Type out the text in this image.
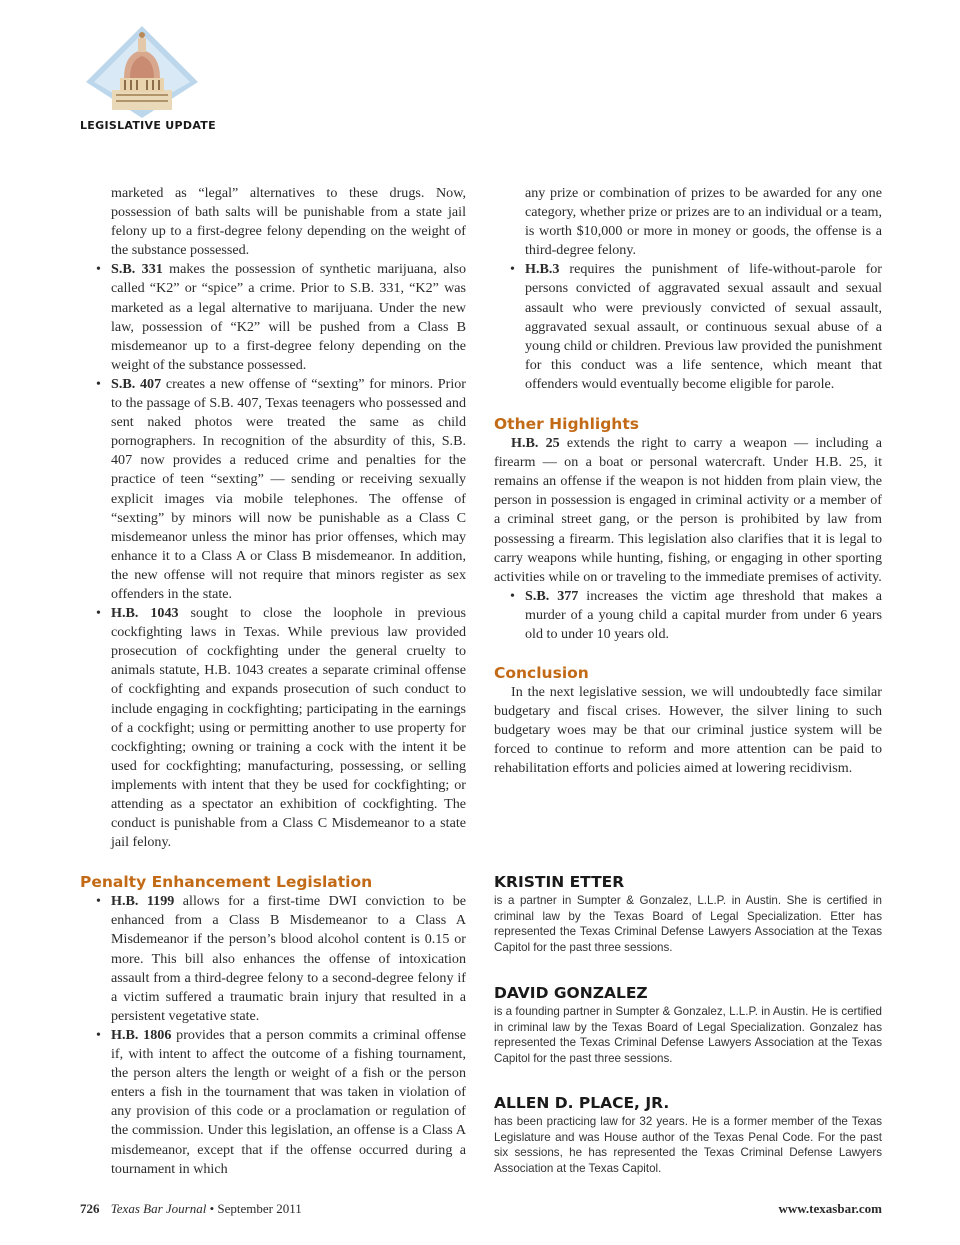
LEGISLATIVE UPDATE

marketed as “legal” alternatives to these drugs. Now, possession of bath salts will be punishable from a state jail felony up to a first-degree felony depending on the weight of the substance possessed.

• S.B. 331 makes the possession of synthetic marijuana, also called “K2” or “spice” a crime. Prior to S.B. 331, “K2” was marketed as a legal alternative to marijuana. Under the new law, possession of “K2” will be pushed from a Class B misdemeanor up to a first-degree felony depending on the weight of the substance possessed.

• S.B. 407 creates a new offense of “sexting” for minors. Prior to the passage of S.B. 407, Texas teenagers who possessed and sent naked photos were treated the same as child pornographers. In recognition of the absurdity of this, S.B. 407 now provides a reduced crime and penalties for the practice of teen “sexting” — sending or receiving sexually explicit images via mobile telephones. The offense of “sexting” by minors will now be punishable as a Class C misdemeanor unless the minor has prior offenses, which may enhance it to a Class A or Class B misdemeanor. In addition, the new offense will not require that minors register as sex offenders in the state.

• H.B. 1043 sought to close the loophole in previous cockfighting laws in Texas. While previous law provided prosecution of cockfighting under the general cruelty to animals statute, H.B. 1043 creates a separate criminal offense of cockfighting and expands prosecution of such conduct to include engaging in cockfighting; participating in the earnings of a cockfight; using or permitting another to use property for cockfighting; owning or training a cock with the intent it be used for cockfighting; manufacturing, possessing, or selling implements with intent that they be used for cockfighting; or attending as a spectator an exhibition of cockfighting. The conduct is punishable from a Class C Misdemeanor to a state jail felony.

Penalty Enhancement Legislation

• H.B. 1199 allows for a first-time DWI conviction to be enhanced from a Class B Misdemeanor to a Class A Misdemeanor if the person’s blood alcohol content is 0.15 or more. This bill also enhances the offense of intoxication assault from a third-degree felony to a second-degree felony if a victim suffered a traumatic brain injury that resulted in a persistent vegetative state.

• H.B. 1806 provides that a person commits a criminal offense if, with intent to affect the outcome of a fishing tournament, the person alters the length or weight of a fish or the person enters a fish in the tournament that was taken in violation of any provision of this code or a proclamation or regulation of the commission. Under this legislation, an offense is a Class A misdemeanor, except that if the offense occurred during a tournament in which

any prize or combination of prizes to be awarded for any one category, whether prize or prizes are to an individual or a team, is worth $10,000 or more in money or goods, the offense is a third-degree felony.

• H.B.3 requires the punishment of life-without-parole for persons convicted of aggravated sexual assault and sexual assault who were previously convicted of sexual assault, aggravated sexual assault, or continuous sexual abuse of a young child or children. Previous law provided the punishment for this conduct was a life sentence, which meant that offenders would eventually become eligible for parole.

Other Highlights

H.B. 25 extends the right to carry a weapon — including a firearm — on a boat or personal watercraft. Under H.B. 25, it remains an offense if the weapon is not hidden from plain view, the person in possession is engaged in criminal activity or a member of a criminal street gang, or the person is prohibited by law from possessing a firearm. This legislation also clarifies that it is legal to carry weapons while hunting, fishing, or engaging in other sporting activities while on or traveling to the immediate premises of activity.

• S.B. 377 increases the victim age threshold that makes a murder of a young child a capital murder from under 6 years old to under 10 years old.

Conclusion

In the next legislative session, we will undoubtedly face similar budgetary and fiscal crises. However, the silver lining to such budgetary woes may be that our criminal justice system will be forced to continue to reform and more attention can be paid to rehabilitation efforts and policies aimed at lowering recidivism.

KRISTIN ETTER

is a partner in Sumpter & Gonzalez, L.L.P. in Austin. She is certified in criminal law by the Texas Board of Legal Specialization. Etter has represented the Texas Criminal Defense Lawyers Association at the Texas Capitol for the past three sessions.

DAVID GONZALEZ

is a founding partner in Sumpter & Gonzalez, L.L.P. in Austin. He is certified in criminal law by the Texas Board of Legal Specialization. Gonzalez has represented the Texas Criminal Defense Lawyers Association at the Texas Capitol for the past three sessions.

ALLEN D. PLACE, JR.

has been practicing law for 32 years. He is a former member of the Texas Legislature and was House author of the Texas Penal Code. For the past six sessions, he has represented the Texas Criminal Defense Lawyers Association at the Texas Capitol.

726 Texas Bar Journal • September 2011	www.texasbar.com
